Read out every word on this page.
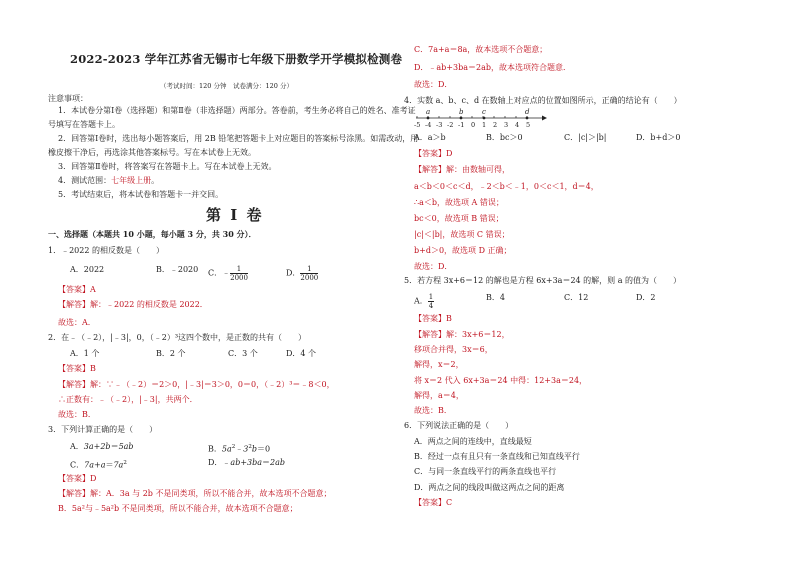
2022-2023 学年江苏省无锡市七年级下册数学开学模拟检测卷
（考试时间：120 分钟　试卷满分：120 分）
注意事项：
1．本试卷分第Ⅰ卷（选择题）和第Ⅱ卷（非选择题）两部分。答卷前，考生务必将自己的姓名、准考证
号填写在答题卡上。
2．回答第Ⅰ卷时，选出每小题答案后，用 2B 铅笔把答题卡上对应题目的答案标号涂黑。如需改动，用
橡皮擦干净后，再选涂其他答案标号。写在本试卷上无效。
3．回答第Ⅱ卷时，将答案写在答题卡上。写在本试卷上无效。
4．测试范围：七年级上册。
5．考试结束后，将本试卷和答题卡一并交回。
第 I 卷
一、选择题（本题共 10 小题，每小题 3 分，共 30 分）．
1．﹣2022 的相反数是（　　）
A．2022	B．﹣2020 C．﹣ $\frac{1}{2000}$	D． $\frac{1}{2000}$
【答案】A
【解答】解：﹣2022 的相反数是 2022．
故选：A．
2．在﹣（﹣2），|﹣3|，0，（﹣2）³这四个数中，是正数的共有（　　）
A．1 个	B．2 个	C．3 个	D．4 个
【答案】B
【解答】解：∵﹣（﹣2）＝2＞0，|﹣3|＝3＞0，0＝0，（﹣2）³＝﹣8＜0，
∴正数有：﹣（﹣2），|﹣3|，共两个．
故选：B．
3．下列计算正确的是（　　）
A．3a+2b＝5ab	B．$5a^2﹣3^2b=0$
C．$7a+a=7a^2$	D．﹣ab+3ba＝2ab
【答案】D
【解答】解：A．3a 与 2b 不是同类项，所以不能合并，故本选项不合题意；
B．5a²与﹣5a²b 不是同类项，所以不能合并，故本选项不合题意；
C．7a+a＝8a，故本选项不合题意；
D．﹣ab+3ba＝2ab，故本选项符合题意．
故选：D．
4．实数 a、b、c、d 在数轴上对应点的位置如图所示，正确的结论有（　　）
a	b	c	d
-5 -4 -3 -2 -1 0 1 2 3 4 5
A．a＞b	B．bc＞0	C．|c|＞|b|	D．b+d＞0
【答案】D
【解答】解：由数轴可得，
a＜b＜0＜c＜d，﹣2＜b＜﹣1，0＜c＜1，d＝4，
∴a＜b，故选项 A 错误；
bc＜0，故选项 B 错误；
|c|＜|b|，故选项 C 错误；
b+d＞0，故选项 D 正确；
故选：D．
5．若方程 3x+6＝12 的解也是方程 6x+3a＝24 的解，则 a 的值为（　　）
A． $\frac{1}{4}$	B．4	C．12	D．2
【答案】B
【解答】解：3x+6＝12，
移项合并得，3x＝6，
解得，x＝2，
将 x＝2 代入 6x+3a＝24 中得：12+3a＝24，
解得，a＝4，
故选：B．
6．下列说法正确的是（　　）
A．两点之间的连线中，直线最短
B．经过一点有且只有一条直线和已知直线平行
C．与同一条直线平行的两条直线也平行
D．两点之间的线段叫做这两点之间的距离
【答案】C
